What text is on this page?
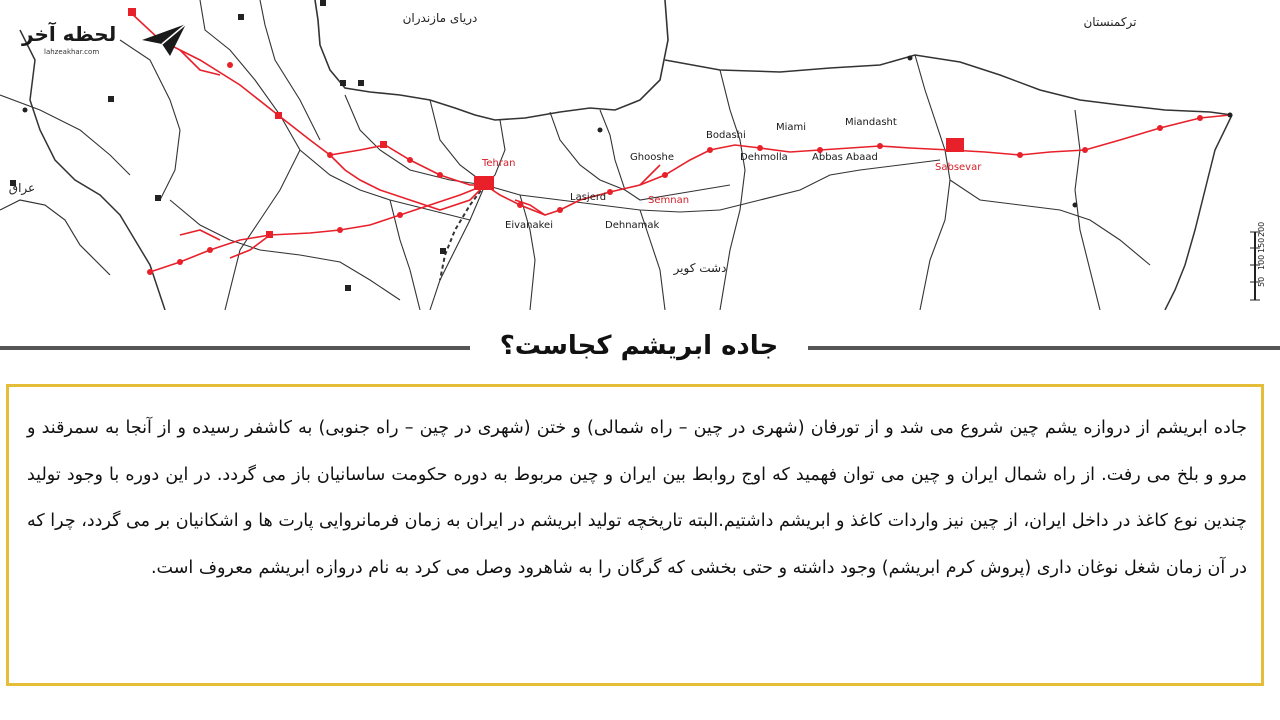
دریای مازندران	ترکمنستان
عراق
دشت کویر
Tehran
Semnan
Sabsevar
Ghooshe
Lasjerd
Eivanakei	Dehnamak
Bodashi
Miami	Miandasht
Dehmolla Abbas Abaad
50
100
150
200
لحظه آخر
lahzeakhar.com
جاده ابریشم کجاست؟

جاده ابریشم از دروازه یشم چین شروع می شد و از تورفان (شهری در چین – راه شمالی) و ختن (شهری در چین – راه جنوبی) به کاشفر رسیده و از آنجا به سمرقند و مرو و بلخ می رفت. از راه شمال ایران و چین می توان فهمید که اوج روابط بین ایران و چین مربوط به دوره حکومت ساسانیان باز می گردد. در این دوره با وجود تولید چندین نوع کاغذ در داخل ایران، از چین نیز واردات کاغذ و ابریشم داشتیم.البته تاریخچه تولید ابریشم در ایران به زمان فرمانروایی پارت ها و اشکانیان بر می گردد، چرا که در آن زمان شغل نوغان داری (پروش کرم ابریشم) وجود داشته و حتی بخشی که گرگان را به شاهرود وصل می کرد به نام دروازه ابریشم معروف است.
